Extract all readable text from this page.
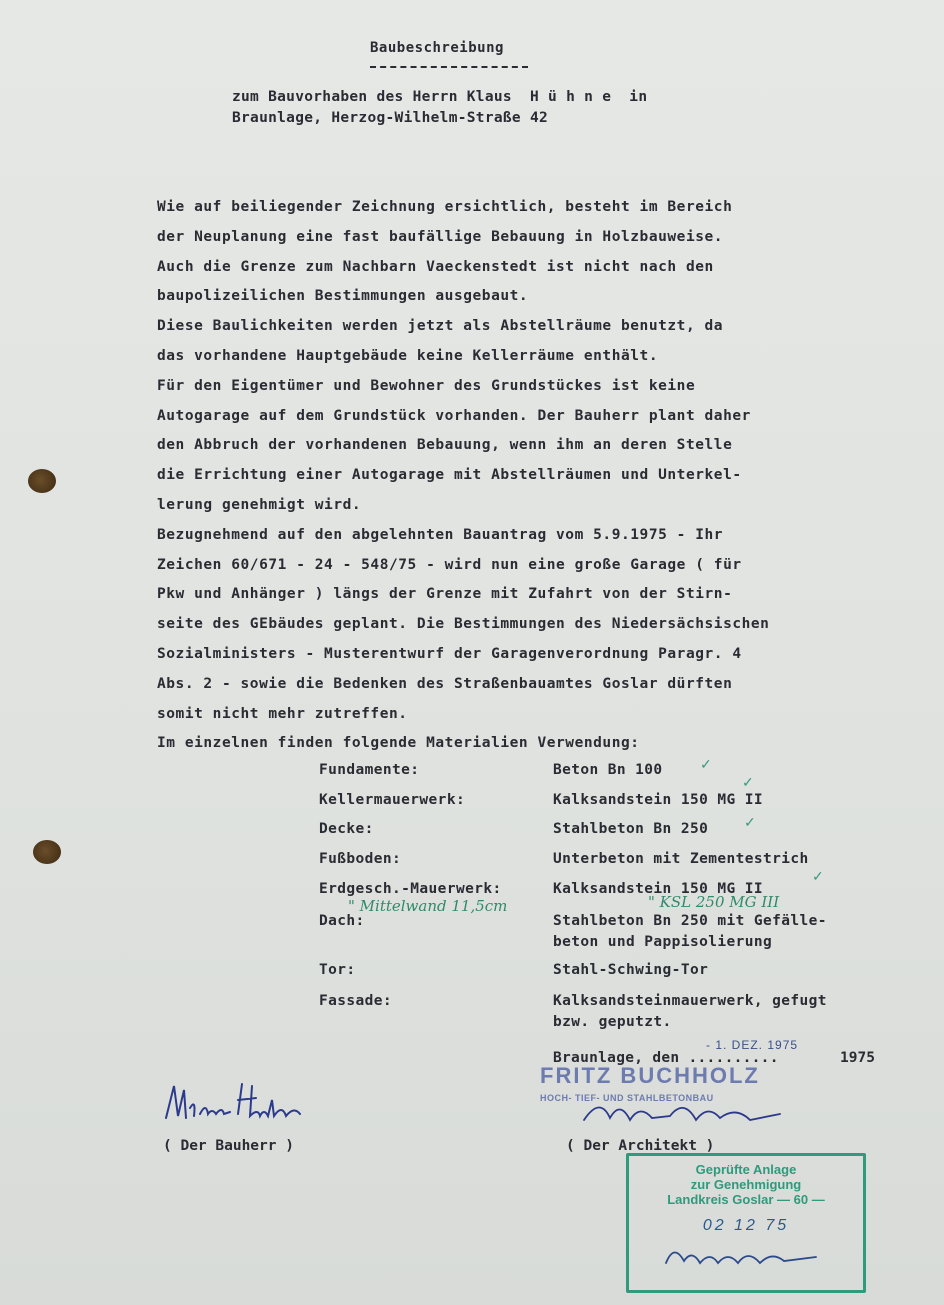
Baubeschreibung
zum Bauvorhaben des Herrn Klaus  H ü h n e  in
Braunlage, Herzog-Wilhelm-Straße 42
Wie auf beiliegender Zeichnung ersichtlich, besteht im Bereich
der Neuplanung eine fast baufällige Bebauung in Holzbauweise.
Auch die Grenze zum Nachbarn Vaeckenstedt ist nicht nach den
baupolizeilichen Bestimmungen ausgebaut.
Diese Baulichkeiten werden jetzt als Abstellräume benutzt, da
das vorhandene Hauptgebäude keine Kellerräume enthält.
Für den Eigentümer und Bewohner des Grundstückes ist keine
Autogarage auf dem Grundstück vorhanden. Der Bauherr plant daher
den Abbruch der vorhandenen Bebauung, wenn ihm an deren Stelle
die Errichtung einer Autogarage mit Abstellräumen und Unterkel-
lerung genehmigt wird.
Bezugnehmend auf den abgelehnten Bauantrag vom 5.9.1975 - Ihr
Zeichen 60/671 - 24 - 548/75 - wird nun eine große Garage ( für
Pkw und Anhänger ) längs der Grenze mit Zufahrt von der Stirn-
seite des GEbäudes geplant. Die Bestimmungen des Niedersächsischen
Sozialministers - Musterentwurf der Garagenverordnung Paragr. 4
Abs. 2 - sowie die Bedenken des Straßenbauamtes Goslar dürften
somit nicht mehr zutreffen.
Im einzelnen finden folgende Materialien Verwendung:
Fundamente:	Beton Bn 100
Kellermauerwerk:	Kalksandstein 150 MG II
Decke:	Stahlbeton Bn 250
Fußboden:	Unterbeton mit Zementestrich
Erdgesch.-Mauerwerk:	Kalksandstein 150 MG II
Dach:	Stahlbeton Bn 250 mit Gefälle-
beton und Pappisolierung
Tor:	Stahl-Schwing-Tor
Fassade:	Kalksandsteinmauerwerk, gefugt
bzw. geputzt.
" Mittelwand 11,5cm	" KSL 250 MG III
✓
✓
✓
✓
- 1. DEZ. 1975
Braunlage, den ..........	1975
FRITZ BUCHHOLZ
HOCH- TIEF- UND STAHLBETONBAU
( Der Bauherr )	( Der Architekt )
Geprüfte Anlage
zur Genehmigung
Landkreis Goslar — 60 —
02 12 75
